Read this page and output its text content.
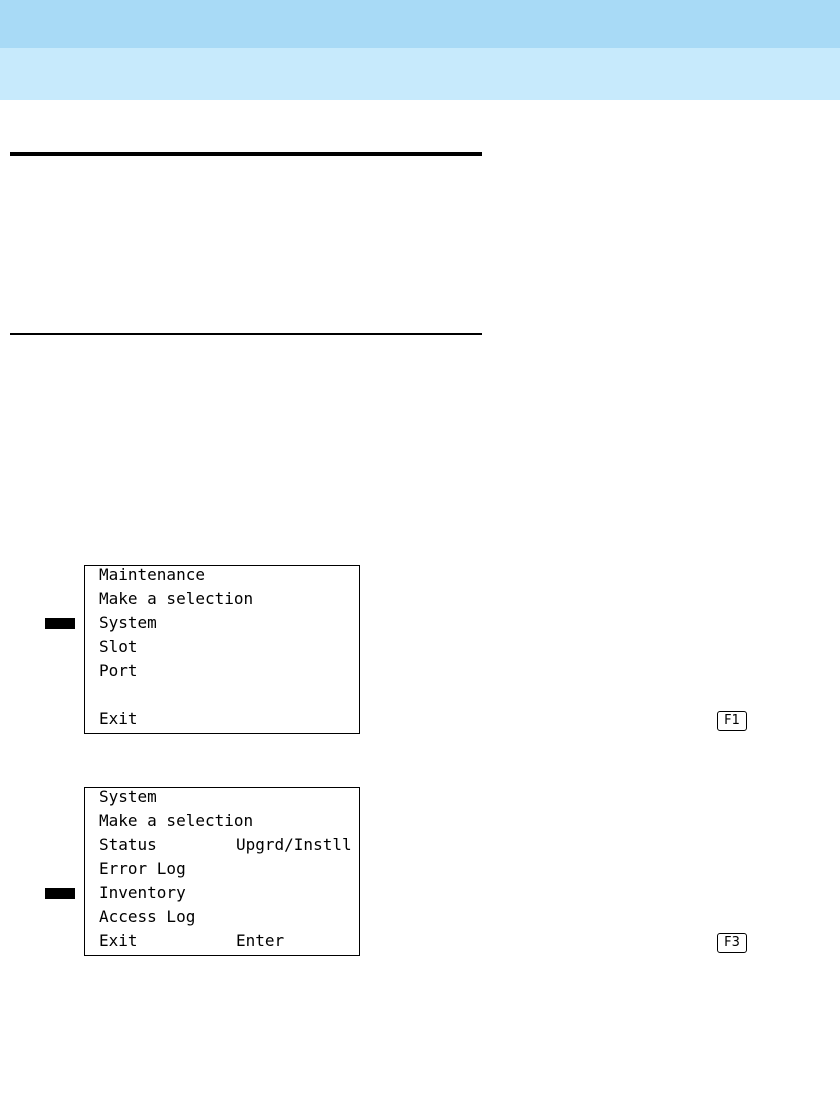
Maintenance
Make a selection
System
Slot
Port
Exit	F1
System
Make a selection
Status	Upgrd/Instll
Error Log
Inventory
Access Log
Exit	Enter	F3
